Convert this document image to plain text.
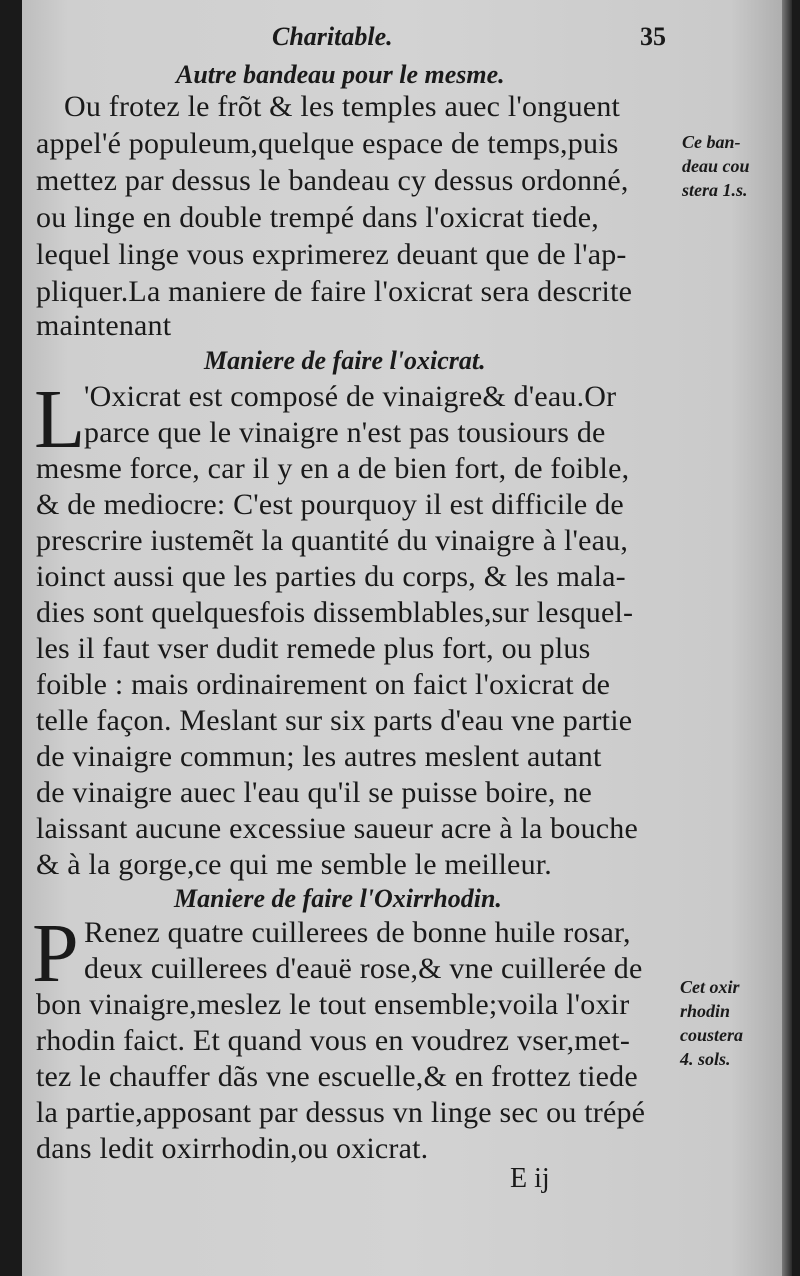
Charitable.	35
Autre bandeau pour le mesme.
Ou frotez le frõt & les temples auec l'onguent
appel'é populeum,quelque espace de temps,puis
mettez par dessus le bandeau cy dessus ordonné,
ou linge en double trempé dans l'oxicrat tiede,
lequel linge vous exprimerez deuant que de l'ap-
pliquer.La maniere de faire l'oxicrat sera descrite
maintenant
Maniere de faire l'oxicrat.
L
'Oxicrat est composé de vinaigre& d'eau.Or
parce que le vinaigre n'est pas tousiours de
mesme force, car il y en a de bien fort, de foible,
& de mediocre: C'est pourquoy il est difficile de
prescrire iustemẽt la quantité du vinaigre à l'eau,
ioinct aussi que les parties du corps, & les mala-
dies sont quelquesfois dissemblables,sur lesquel-
les il faut vser dudit remede plus fort, ou plus
foible : mais ordinairement on faict l'oxicrat de
telle façon. Meslant sur six parts d'eau vne partie
de vinaigre commun; les autres meslent autant
de vinaigre auec l'eau qu'il se puisse boire, ne
laissant aucune excessiue saueur acre à la bouche
& à la gorge,ce qui me semble le meilleur.
Maniere de faire l'Oxirrhodin.
P Renez quatre cuillerees de bonne huile rosar,
deux cuillerees d'eauë rose,& vne cuillerée de
bon vinaigre,meslez le tout ensemble;voila l'oxir
rhodin faict. Et quand vous en voudrez vser,met-
tez le chauffer dãs vne escuelle,& en frottez tiede
la partie,apposant par dessus vn linge sec ou trépé
dans ledit oxirrhodin,ou oxicrat.
Ce ban-
deau cou
stera 1.s.
Cet oxir
rhodin
coustera
4. sols.
E ij
